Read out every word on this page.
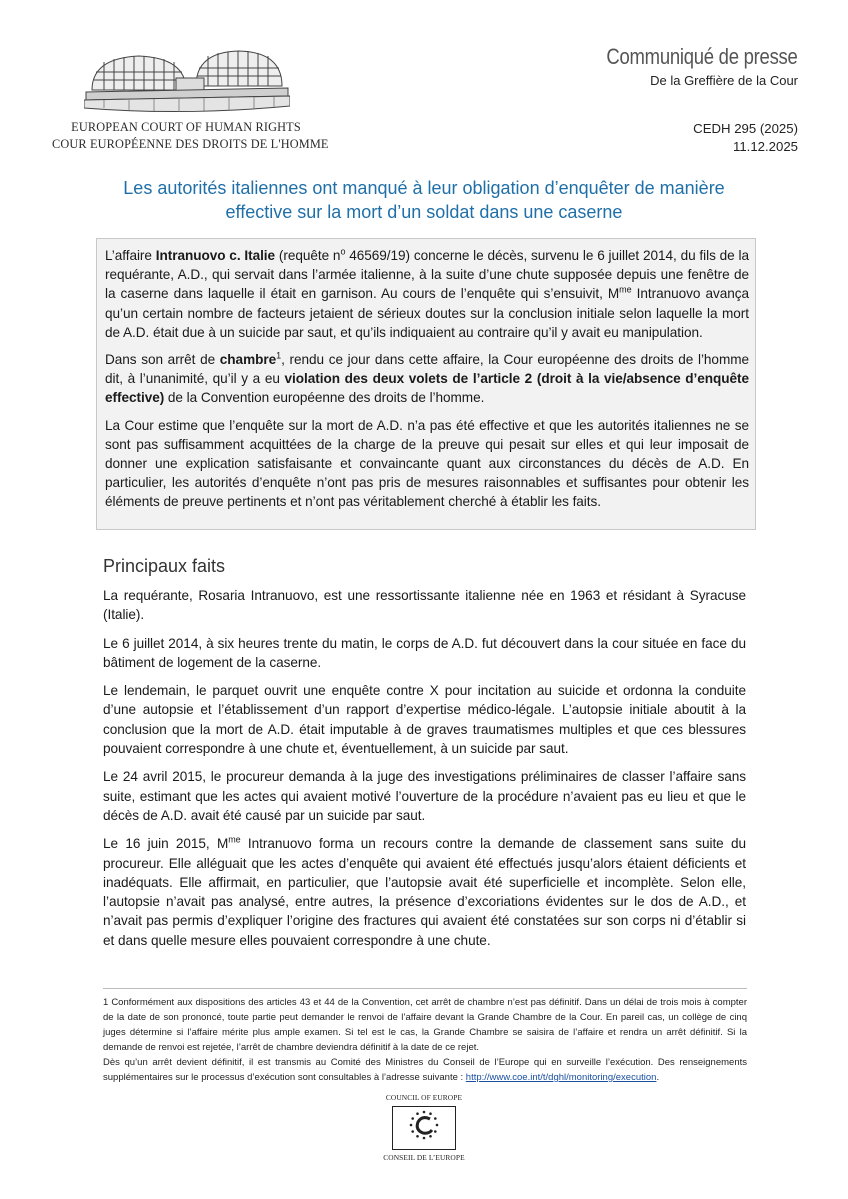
EUROPEAN COURT OF HUMAN RIGHTS
COUR EUROPÉENNE DES DROITS DE L'HOMME
Communiqué de presse
De la Greffière de la Cour
CEDH 295 (2025)
11.12.2025
Les autorités italiennes ont manqué à leur obligation d’enquêter de manière
effective sur la mort d’un soldat dans une caserne

L’affaire Intranuovo c. Italie (requête $n^o$ 46569/19) concerne le décès, survenu le 6 juillet 2014, du fils de la requérante, A.D., qui servait dans l’armée italienne, à la suite d’une chute supposée depuis une fenêtre de la caserne dans laquelle il était en garnison. Au cours de l’enquête qui s’ensuivit, $M^{me}$ Intranuovo avança qu’un certain nombre de facteurs jetaient de sérieux doutes sur la conclusion initiale selon laquelle la mort de A.D. était due à un suicide par saut, et qu’ils indiquaient au contraire qu’il y avait eu manipulation.

Dans son arrêt de chambre$^1$, rendu ce jour dans cette affaire, la Cour européenne des droits de l’homme dit, à l’unanimité, qu’il y a eu violation des deux volets de l’article 2 (droit à la vie/absence d’enquête effective) de la Convention européenne des droits de l’homme.

La Cour estime que l’enquête sur la mort de A.D. n’a pas été effective et que les autorités italiennes ne se sont pas suffisamment acquittées de la charge de la preuve qui pesait sur elles et qui leur imposait de donner une explication satisfaisante et convaincante quant aux circonstances du décès de A.D. En particulier, les autorités d’enquête n’ont pas pris de mesures raisonnables et suffisantes pour obtenir les éléments de preuve pertinents et n’ont pas véritablement cherché à établir les faits.

Principaux faits

La requérante, Rosaria Intranuovo, est une ressortissante italienne née en 1963 et résidant à Syracuse (Italie).

Le 6 juillet 2014, à six heures trente du matin, le corps de A.D. fut découvert dans la cour située en face du bâtiment de logement de la caserne.

Le lendemain, le parquet ouvrit une enquête contre X pour incitation au suicide et ordonna la conduite d’une autopsie et l’établissement d’un rapport d’expertise médico-légale. L’autopsie initiale aboutit à la conclusion que la mort de A.D. était imputable à de graves traumatismes multiples et que ces blessures pouvaient correspondre à une chute et, éventuellement, à un suicide par saut.

Le 24 avril 2015, le procureur demanda à la juge des investigations préliminaires de classer l’affaire sans suite, estimant que les actes qui avaient motivé l’ouverture de la procédure n’avaient pas eu lieu et que le décès de A.D. avait été causé par un suicide par saut.

Le 16 juin 2015, $M^{me}$ Intranuovo forma un recours contre la demande de classement sans suite du procureur. Elle alléguait que les actes d’enquête qui avaient été effectués jusqu’alors étaient déficients et inadéquats. Elle affirmait, en particulier, que l’autopsie avait été superficielle et incomplète. Selon elle, l’autopsie n’avait pas analysé, entre autres, la présence d’excoriations évidentes sur le dos de A.D., et n’avait pas permis d’expliquer l’origine des fractures qui avaient été constatées sur son corps ni d’établir si et dans quelle mesure elles pouvaient correspondre à une chute.

1 Conformément aux dispositions des articles 43 et 44 de la Convention, cet arrêt de chambre n’est pas définitif. Dans un délai de trois mois à compter de la date de son prononcé, toute partie peut demander le renvoi de l’affaire devant la Grande Chambre de la Cour. En pareil cas, un collège de cinq juges détermine si l’affaire mérite plus ample examen. Si tel est le cas, la Grande Chambre se saisira de l’affaire et rendra un arrêt définitif. Si la demande de renvoi est rejetée, l’arrêt de chambre deviendra définitif à la date de ce rejet.

Dès qu’un arrêt devient définitif, il est transmis au Comité des Ministres du Conseil de l’Europe qui en surveille l’exécution. Des renseignements supplémentaires sur le processus d’exécution sont consultables à l’adresse suivante : http://www.coe.int/t/dghl/monitoring/execution.

COUNCIL OF EUROPE
CONSEIL DE L’EUROPE
